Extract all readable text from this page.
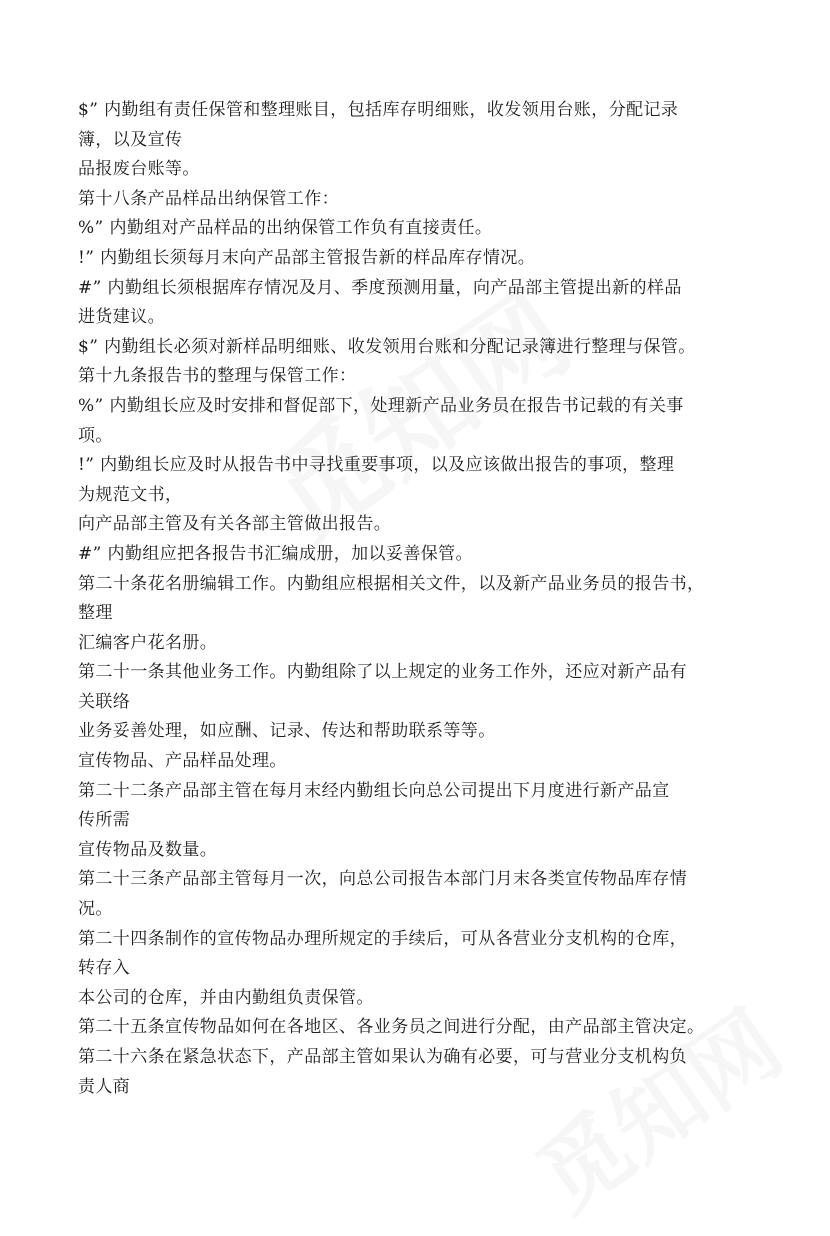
$” 内勤组有责任保管和整理账目，包括库存明细账，收发领用台账，分配记录
簿，以及宣传
品报废台账等。
第十八条产品样品出纳保管工作：
%” 内勤组对产品样品的出纳保管工作负有直接责任。
!” 内勤组长须每月末向产品部主管报告新的样品库存情况。
#” 内勤组长须根据库存情况及月、季度预测用量，向产品部主管提出新的样品
进货建议。
$” 内勤组长必须对新样品明细账、收发领用台账和分配记录簿进行整理与保管。
第十九条报告书的整理与保管工作：
%” 内勤组长应及时安排和督促部下，处理新产品业务员在报告书记载的有关事
项。
!” 内勤组长应及时从报告书中寻找重要事项，以及应该做出报告的事项，整理
为规范文书，
向产品部主管及有关各部主管做出报告。
#” 内勤组应把各报告书汇编成册，加以妥善保管。
第二十条花名册编辑工作。内勤组应根据相关文件，以及新产品业务员的报告书，
整理
汇编客户花名册。
第二十一条其他业务工作。内勤组除了以上规定的业务工作外，还应对新产品有
关联络
业务妥善处理，如应酬、记录、传达和帮助联系等等。
宣传物品、产品样品处理。
第二十二条产品部主管在每月末经内勤组长向总公司提出下月度进行新产品宣
传所需
宣传物品及数量。
第二十三条产品部主管每月一次，向总公司报告本部门月末各类宣传物品库存情
况。
第二十四条制作的宣传物品办理所规定的手续后，可从各营业分支机构的仓库，
转存入
本公司的仓库，并由内勤组负责保管。
第二十五条宣传物品如何在各地区、各业务员之间进行分配，由产品部主管决定。
第二十六条在紧急状态下，产品部主管如果认为确有必要，可与营业分支机构负
责人商
